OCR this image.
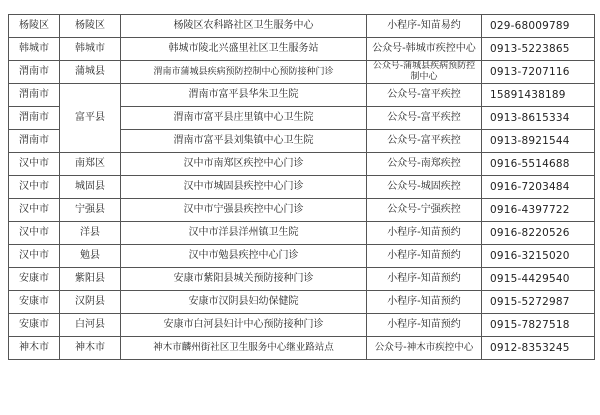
杨陵区	杨陵区	杨陵区农科路社区卫生服务中心	小程序-知苗易约	029-68009789
韩城市	韩城市	韩城市陵北兴盛里社区卫生服务站	公众号-韩城市疾控中心	0913-5223865
渭南市	蒲城县	渭南市蒲城县疾病预防控制中心预防接种门诊	公众号-蒲城县疾病预防控制中心	0913-7207116
渭南市	富平县	渭南市富平县华朱卫生院	公众号-富平疾控	15891438189
渭南市		渭南市富平县庄里镇中心卫生院	公众号-富平疾控	0913-8615334
渭南市		渭南市富平县刘集镇中心卫生院	公众号-富平疾控	0913-8921544
汉中市	南郑区	汉中市南郑区疾控中心门诊	公众号-南郑疾控	0916-5514688
汉中市	城固县	汉中市城固县疾控中心门诊	公众号-城固疾控	0916-7203484
汉中市	宁强县	汉中市宁强县疾控中心门诊	公众号-宁强疾控	0916-4397722
汉中市	洋县	汉中市洋县洋州镇卫生院	小程序-知苗预约	0916-8220526
汉中市	勉县	汉中市勉县疾控中心门诊	小程序-知苗预约	0916-3215020
安康市	紫阳县	安康市紫阳县城关预防接种门诊	小程序-知苗预约	0915-4429540
安康市	汉阴县	安康市汉阴县妇幼保健院	小程序-知苗预约	0915-5272987
安康市	白河县	安康市白河县妇计中心预防接种门诊	小程序-知苗预约	0915-7827518
神木市	神木市	神木市麟州街社区卫生服务中心继业路站点	公众号-神木市疾控中心	0912-8353245
